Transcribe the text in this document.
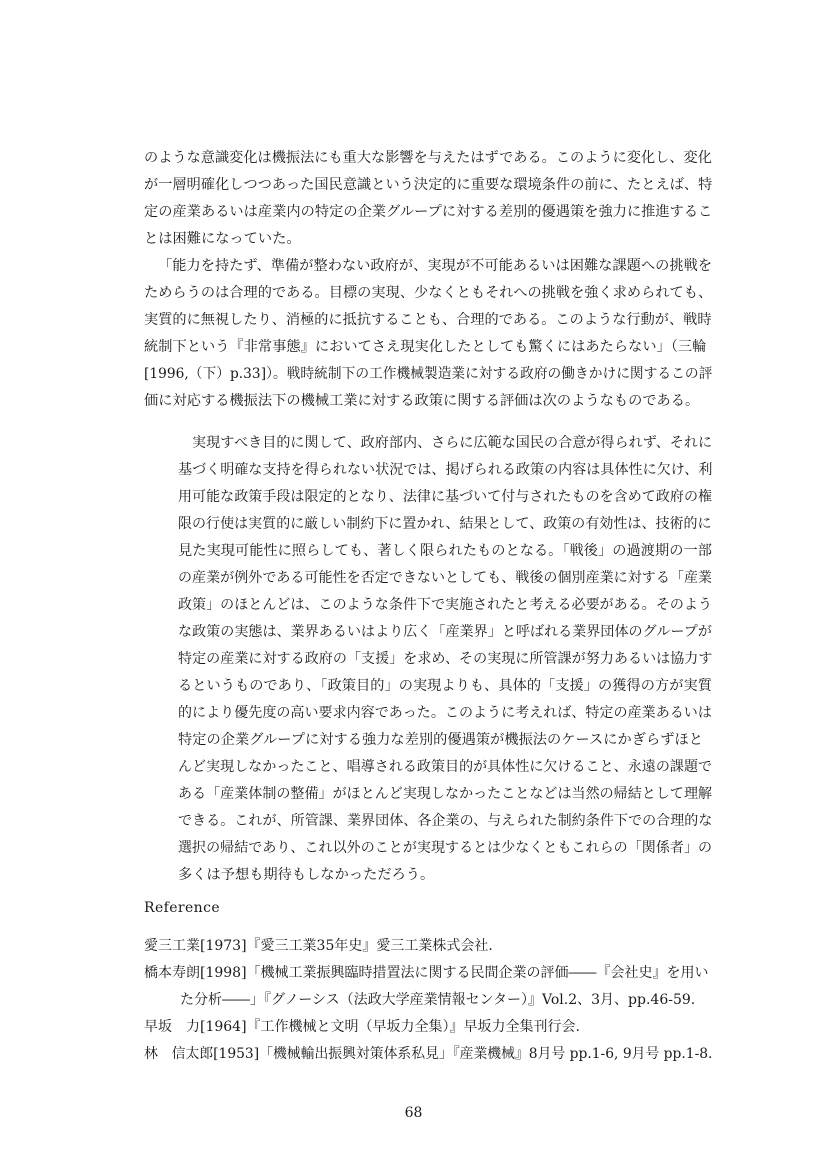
のような意識変化は機振法にも重大な影響を与えたはずである。このように変化し、変化
が一層明確化しつつあった国民意識という決定的に重要な環境条件の前に、たとえば、特
定の産業あるいは産業内の特定の企業グループに対する差別的優遇策を強力に推進するこ
とは困難になっていた。
「能力を持たず、準備が整わない政府が、実現が不可能あるいは困難な課題への挑戦を
ためらうのは合理的である。目標の実現、少なくともそれへの挑戦を強く求められても、
実質的に無視したり、消極的に抵抗することも、合理的である。このような行動が、戦時
統制下という『非常事態』においてさえ現実化したとしても驚くにはあたらない」（三輪
[1996,（下）p.33]）。戦時統制下の工作機械製造業に対する政府の働きかけに関するこの評
価に対応する機振法下の機械工業に対する政策に関する評価は次のようなものである。
実現すべき目的に関して、政府部内、さらに広範な国民の合意が得られず、それに
基づく明確な支持を得られない状況では、掲げられる政策の内容は具体性に欠け、利
用可能な政策手段は限定的となり、法律に基づいて付与されたものを含めて政府の権
限の行使は実質的に厳しい制約下に置かれ、結果として、政策の有効性は、技術的に
見た実現可能性に照らしても、著しく限られたものとなる。「戦後」の過渡期の一部
の産業が例外である可能性を否定できないとしても、戦後の個別産業に対する「産業
政策」のほとんどは、このような条件下で実施されたと考える必要がある。そのよう
な政策の実態は、業界あるいはより広く「産業界」と呼ばれる業界団体のグループが
特定の産業に対する政府の「支援」を求め、その実現に所管課が努力あるいは協力す
るというものであり、「政策目的」の実現よりも、具体的「支援」の獲得の方が実質
的により優先度の高い要求内容であった。このように考えれば、特定の産業あるいは
特定の企業グループに対する強力な差別的優遇策が機振法のケースにかぎらずほと
んど実現しなかったこと、唱導される政策目的が具体性に欠けること、永遠の課題で
ある「産業体制の整備」がほとんど実現しなかったことなどは当然の帰結として理解
できる。これが、所管課、業界団体、各企業の、与えられた制約条件下での合理的な
選択の帰結であり、これ以外のことが実現するとは少なくともこれらの「関係者」の
多くは予想も期待もしなかっただろう。
Reference
愛三工業[1973]『愛三工業35年史』愛三工業株式会社.
橋本寿朗[1998]「機械工業振興臨時措置法に関する民間企業の評価――『会社史』を用い
た分析――」『グノーシス（法政大学産業情報センター）』Vol.2、3月、pp.46-59.
早坂　力[1964]『工作機械と文明（早坂力全集）』早坂力全集刊行会.
林　信太郎[1953]「機械輸出振興対策体系私見」『産業機械』8月号 pp.1-6, 9月号 pp.1-8.
68
